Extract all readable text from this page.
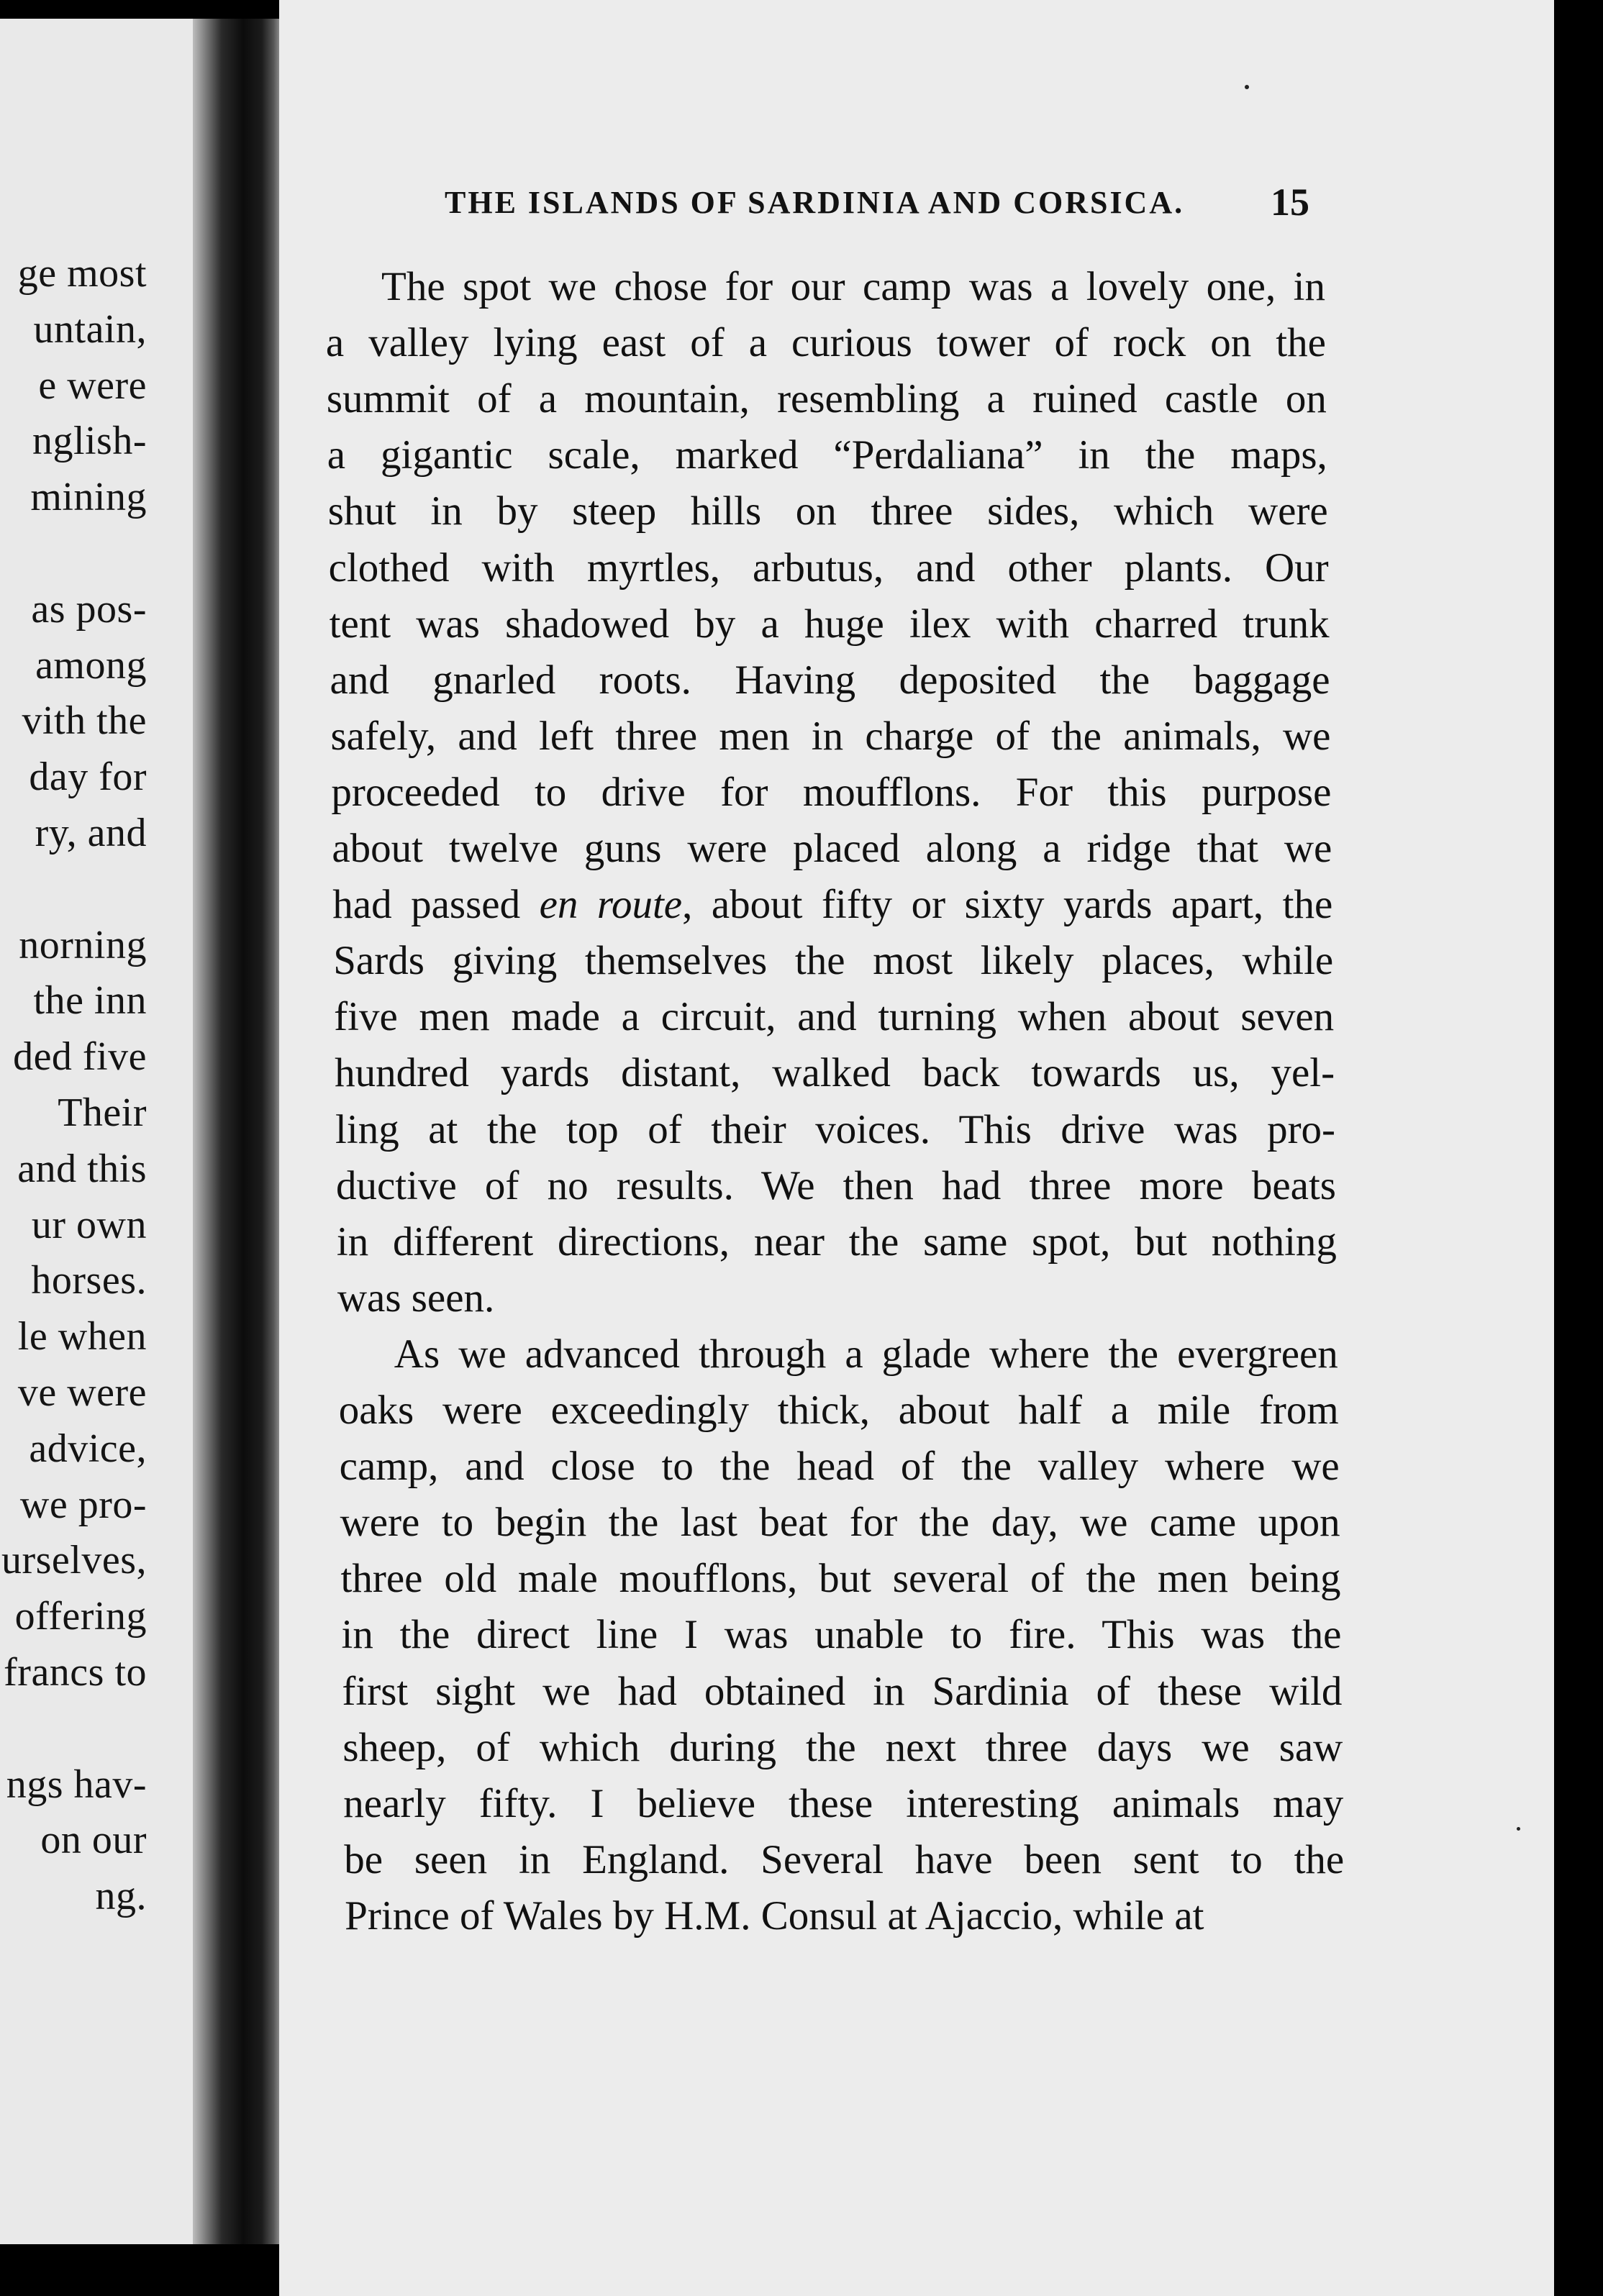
ge most
untain,
e were
nglish-
mining
as pos-
among
vith the
day for
ry, and
norning
the inn
ded five
Their
and this
ur own
horses.
le when
ve were
advice,
we pro-
urselves,
offering
francs to
ngs hav-
on our
ng.
THE ISLANDS OF SARDINIA AND CORSICA.	15
The spot we chose for our camp was a lovely one, in
a valley lying east of a curious tower of rock on the
summit of a mountain, resembling a ruined castle on
a gigantic scale, marked “Perdaliana” in the maps,
shut in by steep hills on three sides, which were
clothed with myrtles, arbutus, and other plants. Our
tent was shadowed by a huge ilex with charred trunk
and gnarled roots. Having deposited the baggage
safely, and left three men in charge of the animals, we
proceeded to drive for moufflons. For this purpose
about twelve guns were placed along a ridge that we
had passed en route, about fifty or sixty yards apart, the
Sards giving themselves the most likely places, while
five men made a circuit, and turning when about seven
hundred yards distant, walked back towards us, yel-
ling at the top of their voices. This drive was pro-
ductive of no results. We then had three more beats
in different directions, near the same spot, but nothing
was seen.
As we advanced through a glade where the evergreen
oaks were exceedingly thick, about half a mile from
camp, and close to the head of the valley where we
were to begin the last beat for the day, we came upon
three old male moufflons, but several of the men being
in the direct line I was unable to fire. This was the
first sight we had obtained in Sardinia of these wild
sheep, of which during the next three days we saw
nearly fifty. I believe these interesting animals may
be seen in England. Several have been sent to the
Prince of Wales by H.M. Consul at Ajaccio, while at
